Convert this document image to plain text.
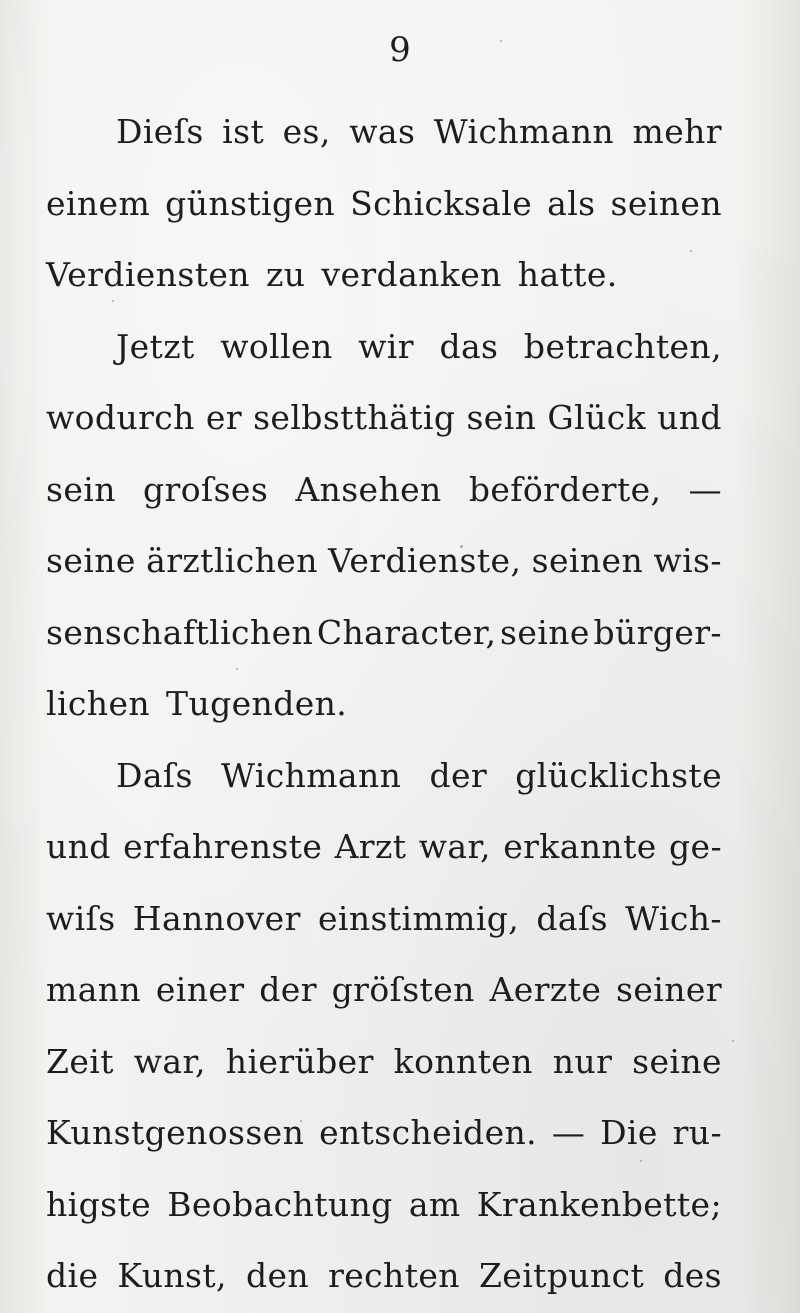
9
Dieſs ist es, was Wichmann mehr
einem günstigen Schicksale als seinen
Verdiensten zu verdanken hatte.
Jetzt wollen wir das betrachten,
wodurch er selbstthätig sein Glück und
sein groſses Ansehen beförderte, —
seine ärztlichen Verdienste, seinen wis-
senschaftlichen Character, seine bürger-
lichen Tugenden.
Daſs Wichmann der glücklichste
und erfahrenste Arzt war, erkannte ge-
wiſs Hannover einstimmig, daſs Wich-
mann einer der gröſsten Aerzte seiner
Zeit war, hierüber konnten nur seine
Kunstgenossen entscheiden. — Die ru-
higste Beobachtung am Krankenbette;
die Kunst, den rechten Zeitpunct des
